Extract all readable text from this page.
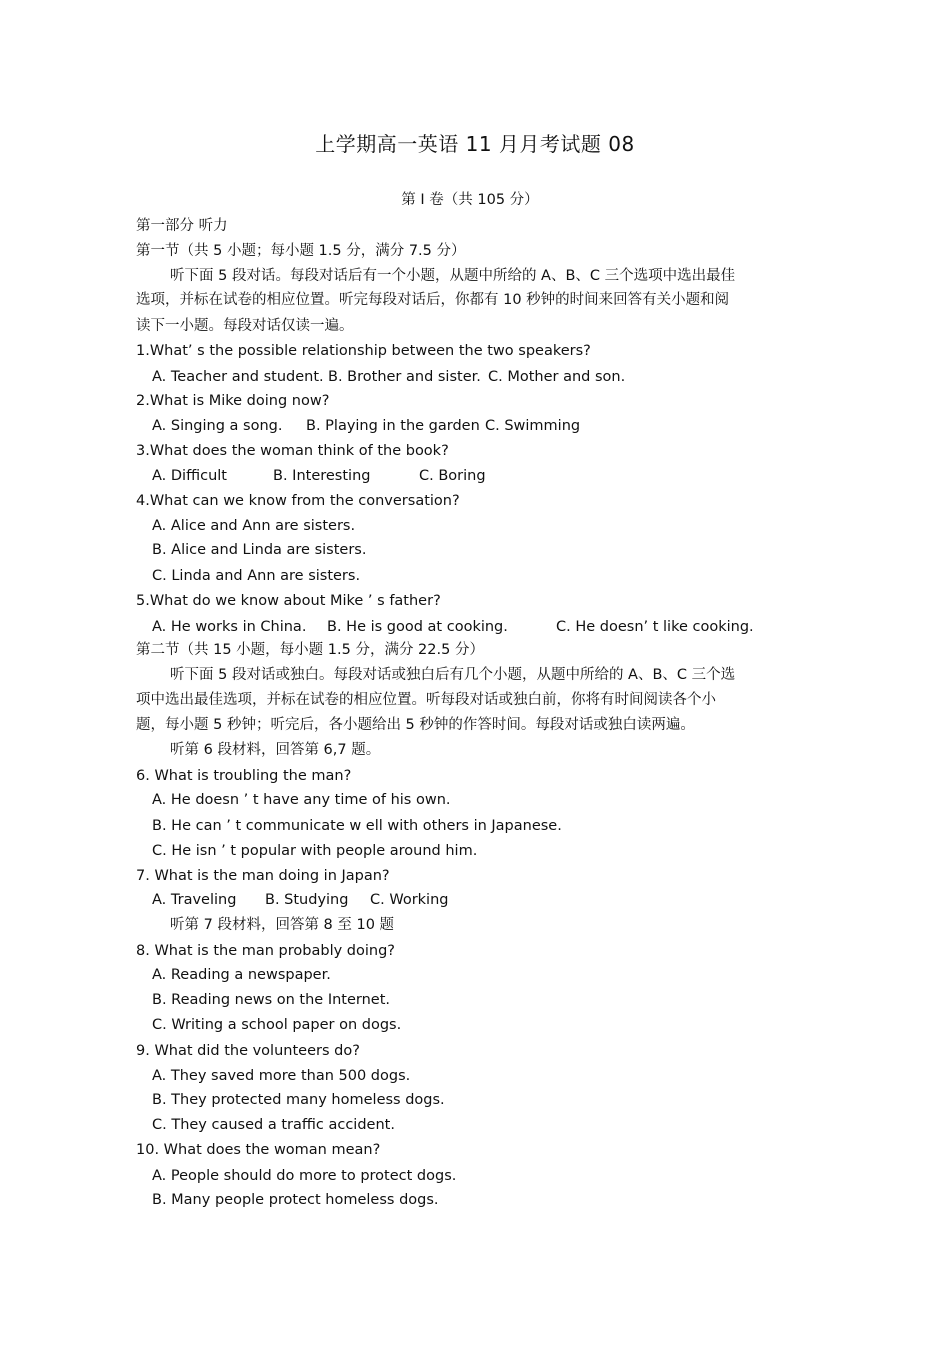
上学期高一英语 11 月月考试题 08
第 I 卷（共 105 分）
第一部分 听力
第一节（共 5 小题；每小题 1.5 分，满分 7.5 分）
听下面 5 段对话。每段对话后有一个小题，从题中所给的 A、B、C 三个选项中选出最佳
选项，并标在试卷的相应位置。听完每段对话后，你都有 10 秒钟的时间来回答有关小题和阅
读下一小题。每段对话仅读一遍。
1.What’ s the possible relationship between the two speakers?
A. Teacher and student. B. Brother and sister. C. Mother and son.
2.What is Mike doing now?
A. Singing a song. B. Playing in the garden C. Swimming
3.What does the woman think of the book?
A. Difficult	B. Interesting	C. Boring
4.What can we know from the conversation?
A. Alice and Ann are sisters.
B. Alice and Linda are sisters.
C. Linda and Ann are sisters.
5.What do we know about Mike ’ s father?
A. He works in China. B. He is good at cooking.	C. He doesn’ t like cooking.
第二节（共 15 小题，每小题 1.5 分，满分 22.5 分）
听下面 5 段对话或独白。每段对话或独白后有几个小题，从题中所给的 A、B、C 三个选
项中选出最佳选项，并标在试卷的相应位置。听每段对话或独白前，你将有时间阅读各个小
题，每小题 5 秒钟；听完后，各小题给出 5 秒钟的作答时间。每段对话或独白读两遍。
听第 6 段材料，回答第 6,7 题。
6. What is troubling the man?
A. He doesn ’ t have any time of his own.
B. He can ’ t communicate w ell with others in Japanese.
C. He isn ’ t popular with people around him.
7. What is the man doing in Japan?
A. Traveling B. Studying C. Working
听第 7 段材料，回答第 8 至 10 题
8. What is the man probably doing?
A. Reading a newspaper.
B. Reading news on the Internet.
C. Writing a school paper on dogs.
9. What did the volunteers do?
A. They saved more than 500 dogs.
B. They protected many homeless dogs.
C. They caused a traffic accident.
10. What does the woman mean?
A. People should do more to protect dogs.
B. Many people protect homeless dogs.
